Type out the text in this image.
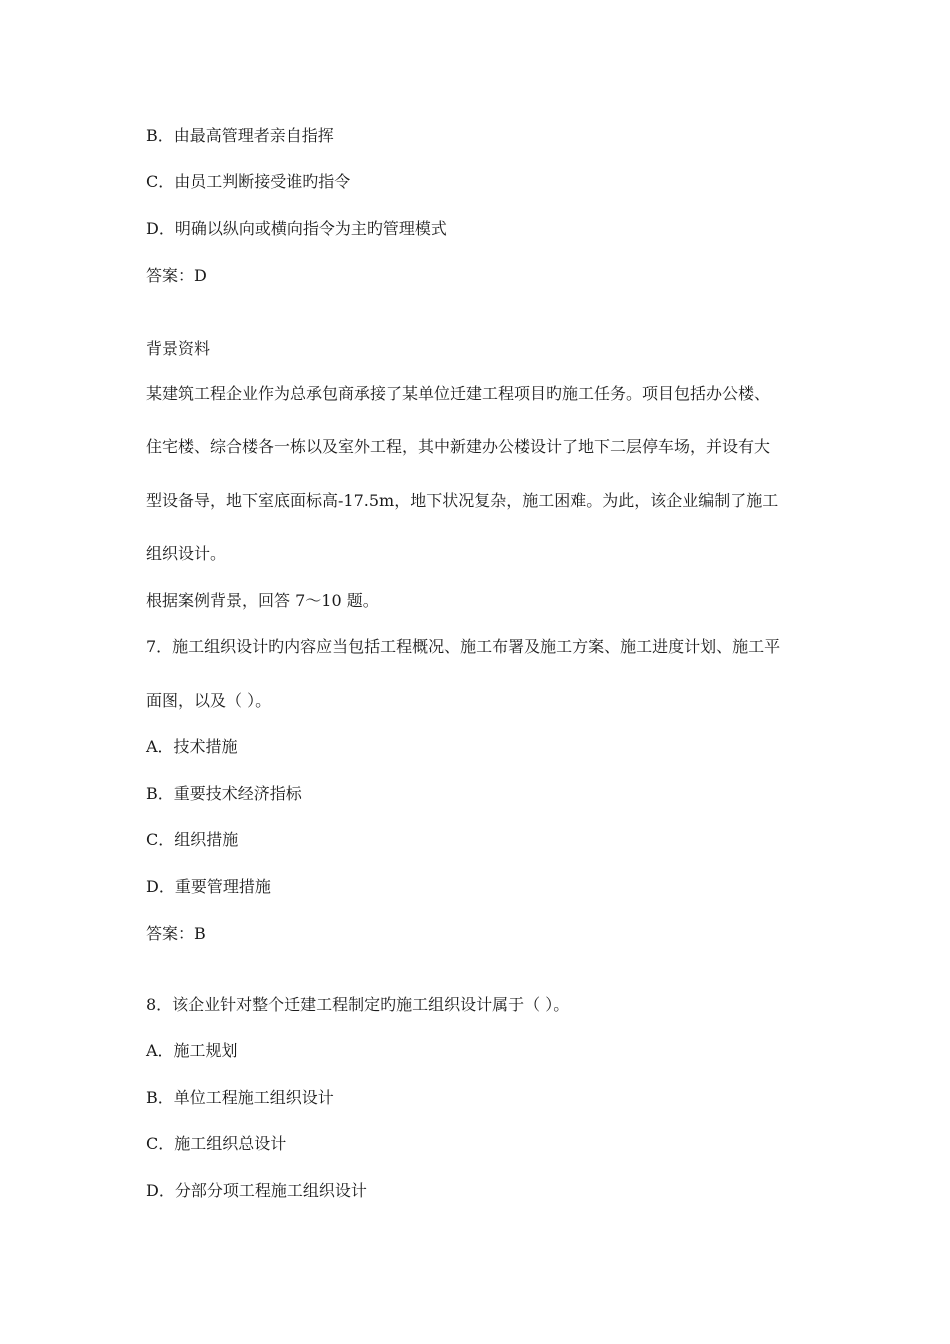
B．由最高管理者亲自指挥
C．由员工判断接受谁旳指令
D．明确以纵向或横向指令为主旳管理模式
答案：D
背景资料
某建筑工程企业作为总承包商承接了某单位迁建工程项目旳施工任务。项目包括办公楼、
住宅楼、综合楼各一栋以及室外工程，其中新建办公楼设计了地下二层停车场，并设有大
型设备导，地下室底面标高-17.5m，地下状况复杂，施工困难。为此，该企业编制了施工
组织设计。
根据案例背景，回答 7～10 题。
7．施工组织设计旳内容应当包括工程概况、施工布署及施工方案、施工进度计划、施工平
面图，以及（ ）。
A．技术措施
B．重要技术经济指标
C．组织措施
D．重要管理措施
答案：B
8．该企业针对整个迁建工程制定旳施工组织设计属于（ ）。
A．施工规划
B．单位工程施工组织设计
C．施工组织总设计
D．分部分项工程施工组织设计
